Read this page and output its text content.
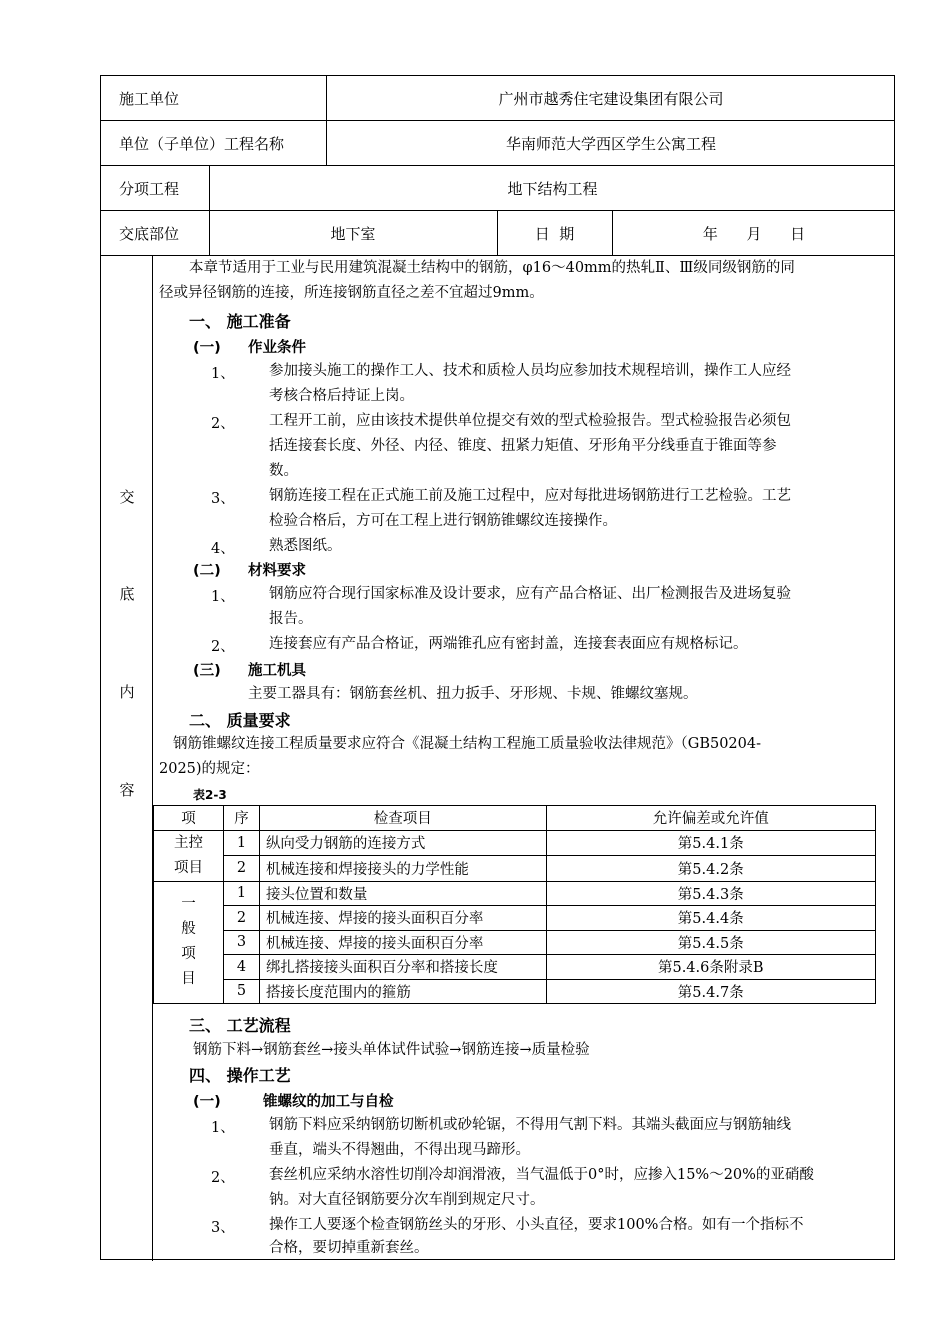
施工单位	广州市越秀住宅建设集团有限公司
单位（子单位）工程名称	华南师范大学西区学生公寓工程
分项工程	地下结构工程
交底部位	地下室	日  期	年      月      日
交
底
内
容
本章节适用于工业与民用建筑混凝土结构中的钢筋，φ16～40mm的热轧Ⅱ、Ⅲ级同级钢筋的同
径或异径钢筋的连接，所连接钢筋直径之差不宜超过9mm。
一、 施工准备
(一) 作业条件
1、 参加接头施工的操作工人、技术和质检人员均应参加技术规程培训，操作工人应经
考核合格后持证上岗。
2、 工程开工前，应由该技术提供单位提交有效的型式检验报告。型式检验报告必须包
括连接套长度、外径、内径、锥度、扭紧力矩值、牙形角平分线垂直于锥面等参
数。
3、 钢筋连接工程在正式施工前及施工过程中，应对每批进场钢筋进行工艺检验。工艺
检验合格后，方可在工程上进行钢筋锥螺纹连接操作。
4、 熟悉图纸。
(二) 材料要求
1、 钢筋应符合现行国家标准及设计要求，应有产品合格证、出厂检测报告及进场复验
报告。
2、 连接套应有产品合格证，两端锥孔应有密封盖，连接套表面应有规格标记。
(三) 施工机具
主要工器具有：钢筋套丝机、扭力扳手、牙形规、卡规、锥螺纹塞规。
二、 质量要求
钢筋锥螺纹连接工程质量要求应符合《混凝土结构工程施工质量验收法律规范》（GB50204-
2025)的规定：
表2-3
项	序	检查项目	允许偏差或允许值
主控项目	1	纵向受力钢筋的连接方式	第5.4.1条
	2	机械连接和焊接接头的力学性能	第5.4.2条
一般项目	1	接头位置和数量	第5.4.3条
	2	机械连接、焊接的接头面积百分率	第5.4.4条
	3	机械连接、焊接的接头面积百分率	第5.4.5条
	4	绑扎搭接接头面积百分率和搭接长度	第5.4.6条附录B
	5	搭接长度范围内的箍筋	第5.4.7条
三、 工艺流程
钢筋下料→钢筋套丝→接头单体试件试验→钢筋连接→质量检验
四、 操作工艺
(一)	锥螺纹的加工与自检
1、 钢筋下料应采纳钢筋切断机或砂轮锯，不得用气割下料。其端头截面应与钢筋轴线
垂直，端头不得翘曲，不得出现马蹄形。
2、 套丝机应采纳水溶性切削冷却润滑液，当气温低于0°时，应掺入15%～20%的亚硝酸
钠。对大直径钢筋要分次车削到规定尺寸。
3、 操作工人要逐个检查钢筋丝头的牙形、小头直径，要求100%合格。如有一个指标不
合格，要切掉重新套丝。
